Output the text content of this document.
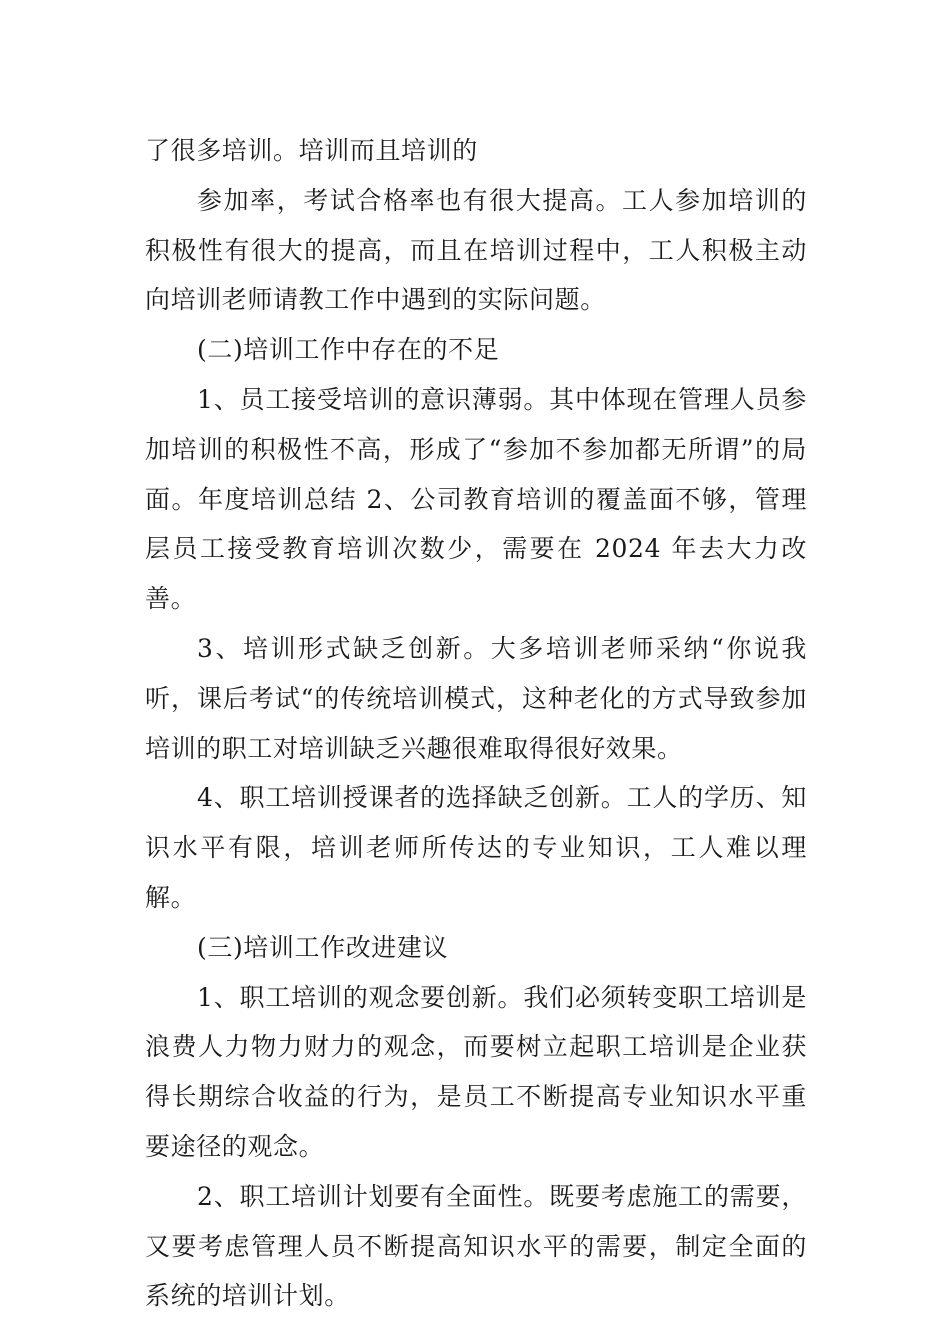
了很多培训。培训而且培训的

参加率，考试合格率也有很大提高。工人参加培训的积极性有很大的提高，而且在培训过程中，工人积极主动向培训老师请教工作中遇到的实际问题。

(二)培训工作中存在的不足

1、员工接受培训的意识薄弱。其中体现在管理人员参加培训的积极性不高，形成了“参加不参加都无所谓”的局面。年度培训总结 2、公司教育培训的覆盖面不够，管理层员工接受教育培训次数少，需要在 2024 年去大力改善。

3、培训形式缺乏创新。大多培训老师采纳“你说我听，课后考试“的传统培训模式，这种老化的方式导致参加培训的职工对培训缺乏兴趣很难取得很好效果。

4、职工培训授课者的选择缺乏创新。工人的学历、知识水平有限，培训老师所传达的专业知识，工人难以理解。

(三)培训工作改进建议

1、职工培训的观念要创新。我们必须转变职工培训是浪费人力物力财力的观念，而要树立起职工培训是企业获得长期综合收益的行为，是员工不断提高专业知识水平重要途径的观念。

2、职工培训计划要有全面性。既要考虑施工的需要，又要考虑管理人员不断提高知识水平的需要，制定全面的系统的培训计划。
